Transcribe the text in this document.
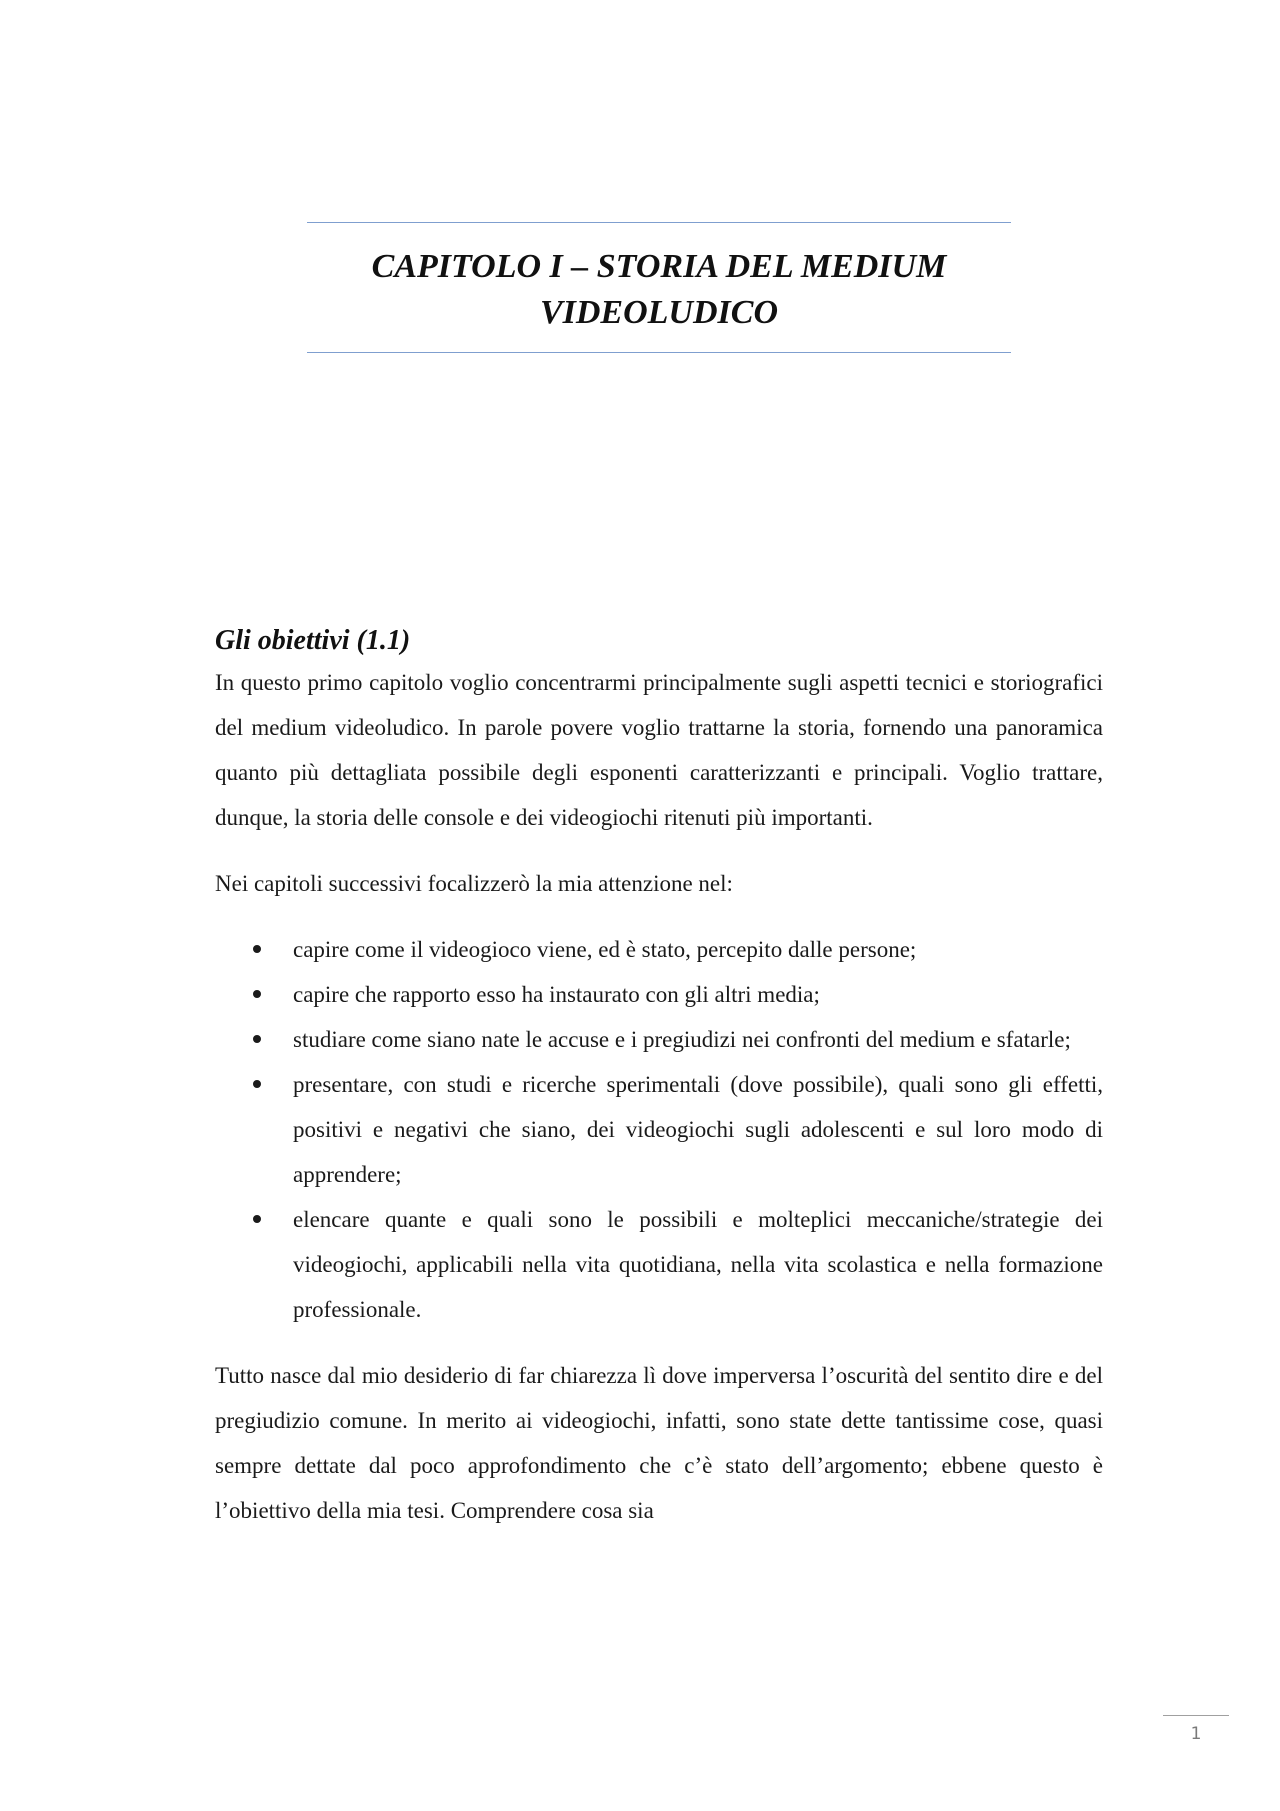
CAPITOLO I – STORIA DEL MEDIUM
VIDEOLUDICO
Gli obiettivi (1.1)

In questo primo capitolo voglio concentrarmi principalmente sugli aspetti tecnici e storiografici del medium videoludico. In parole povere voglio trattarne la storia, fornendo una panoramica quanto più dettagliata possibile degli esponenti caratterizzanti e principali. Voglio trattare, dunque, la storia delle console e dei videogiochi ritenuti più importanti.

Nei capitoli successivi focalizzerò la mia attenzione nel:

capire come il videogioco viene, ed è stato, percepito dalle persone;
capire che rapporto esso ha instaurato con gli altri media;
studiare come siano nate le accuse e i pregiudizi nei confronti del medium e sfatarle;
presentare, con studi e ricerche sperimentali (dove possibile), quali sono gli effetti, positivi e negativi che siano, dei videogiochi sugli adolescenti e sul loro modo di apprendere;
elencare quante e quali sono le possibili e molteplici meccaniche/strategie dei videogiochi, applicabili nella vita quotidiana, nella vita scolastica e nella formazione professionale.

Tutto nasce dal mio desiderio di far chiarezza lì dove imperversa l’oscurità del sentito dire e del pregiudizio comune. In merito ai videogiochi, infatti, sono state dette tantissime cose, quasi sempre dettate dal poco approfondimento che c’è stato dell’argomento; ebbene questo è l’obiettivo della mia tesi. Comprendere cosa sia

1
